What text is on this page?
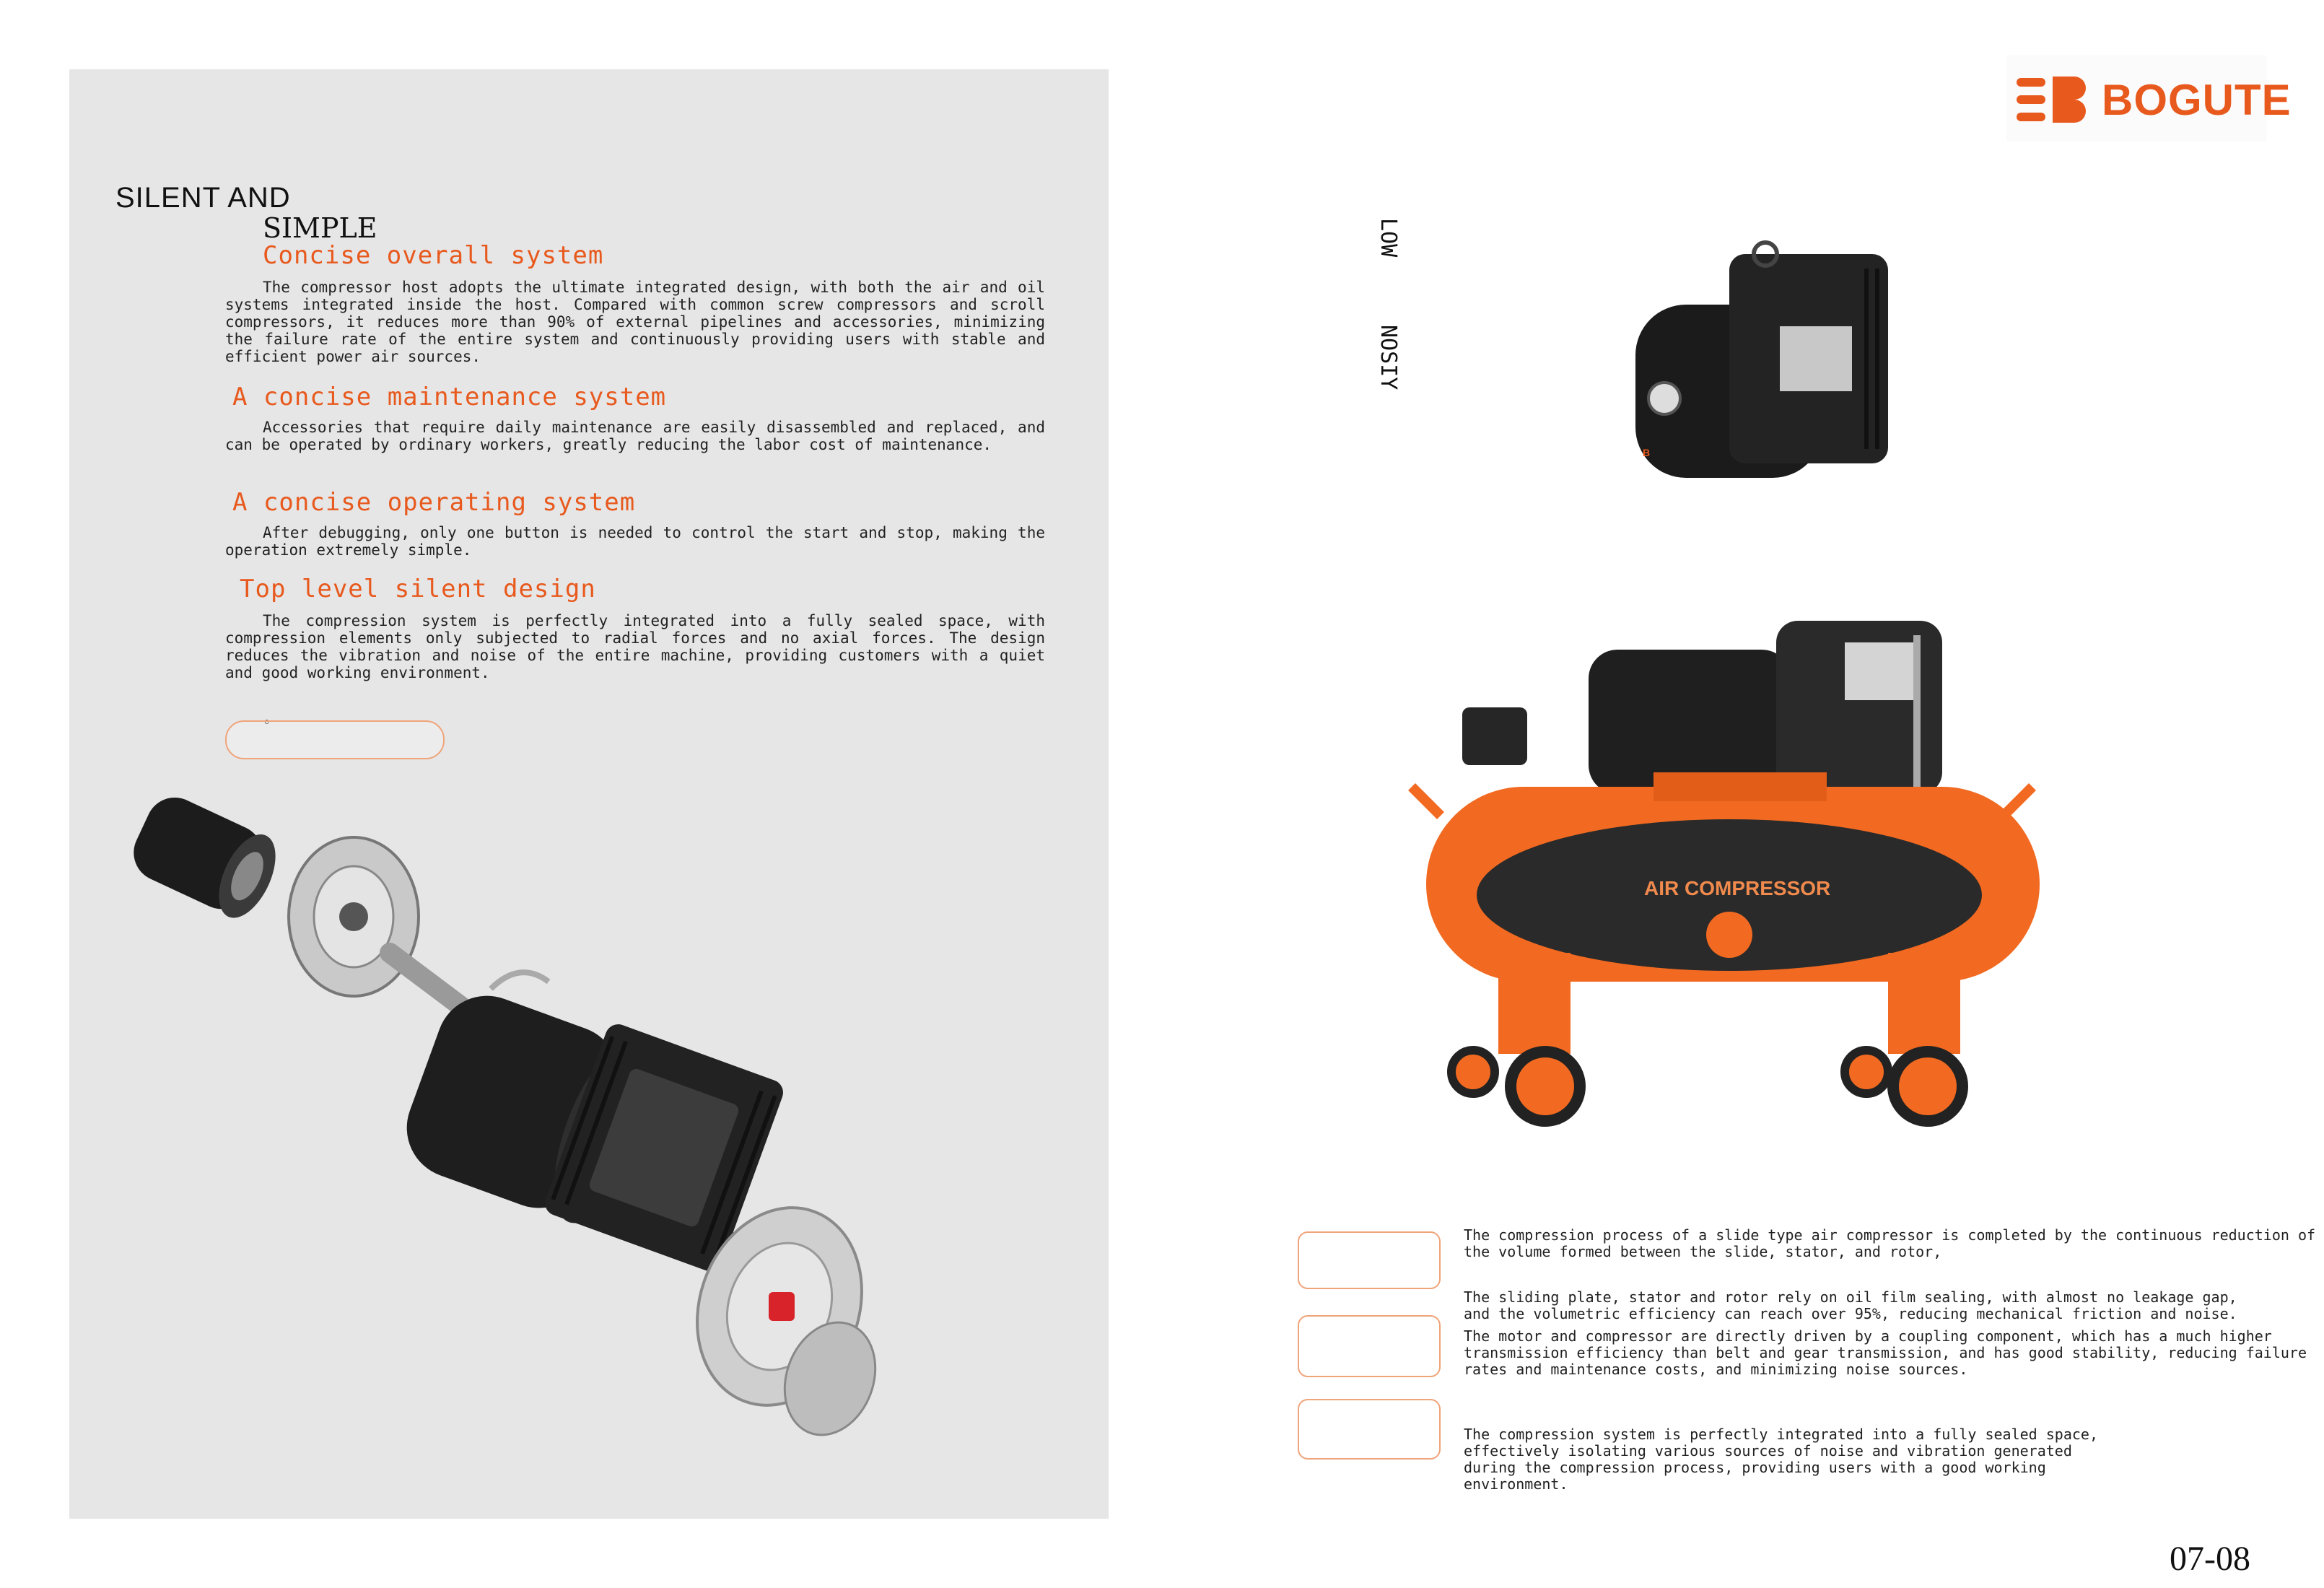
SILENT AND
SIMPLE
Concise overall system
The compressor host adopts the ultimate integrated design, with both the air and oil systems integrated inside the host. Compared with common screw compressors and scroll compressors, it reduces more than 90% of external pipelines and accessories, minimizing the failure rate of the entire system and continuously providing users with stable and efficient power air sources.
A concise maintenance system
Accessories that require daily maintenance are easily disassembled and replaced, and can be operated by ordinary workers, greatly reducing the labor cost of maintenance.
A concise operating system
After debugging, only one button is needed to control the start and stop, making the operation extremely simple.
Top level silent design
The compression system is perfectly integrated into a fully sealed space, with compression elements only subjected to radial forces and no axial forces. The design reduces the vibration and noise of the entire machine, providing customers with a quiet and good working environment.
。
BOGUTE
LOW
NOSIY
B
AIR COMPRESSOR
The compression process of a slide type air compressor is completed by the continuous reduction of the volume formed between the slide, stator, and rotor,
The sliding plate, stator and rotor rely on oil film sealing, with almost no leakage gap, and the volumetric efficiency can reach over 95%, reducing mechanical friction and noise.
The motor and compressor are directly driven by a coupling component, which has a much higher transmission efficiency than belt and gear transmission, and has good stability, reducing failure rates and maintenance costs, and minimizing noise sources.
The compression system is perfectly integrated into a fully sealed space, effectively isolating various sources of noise and vibration generated during the compression process, providing users with a good working environment.
07-08
